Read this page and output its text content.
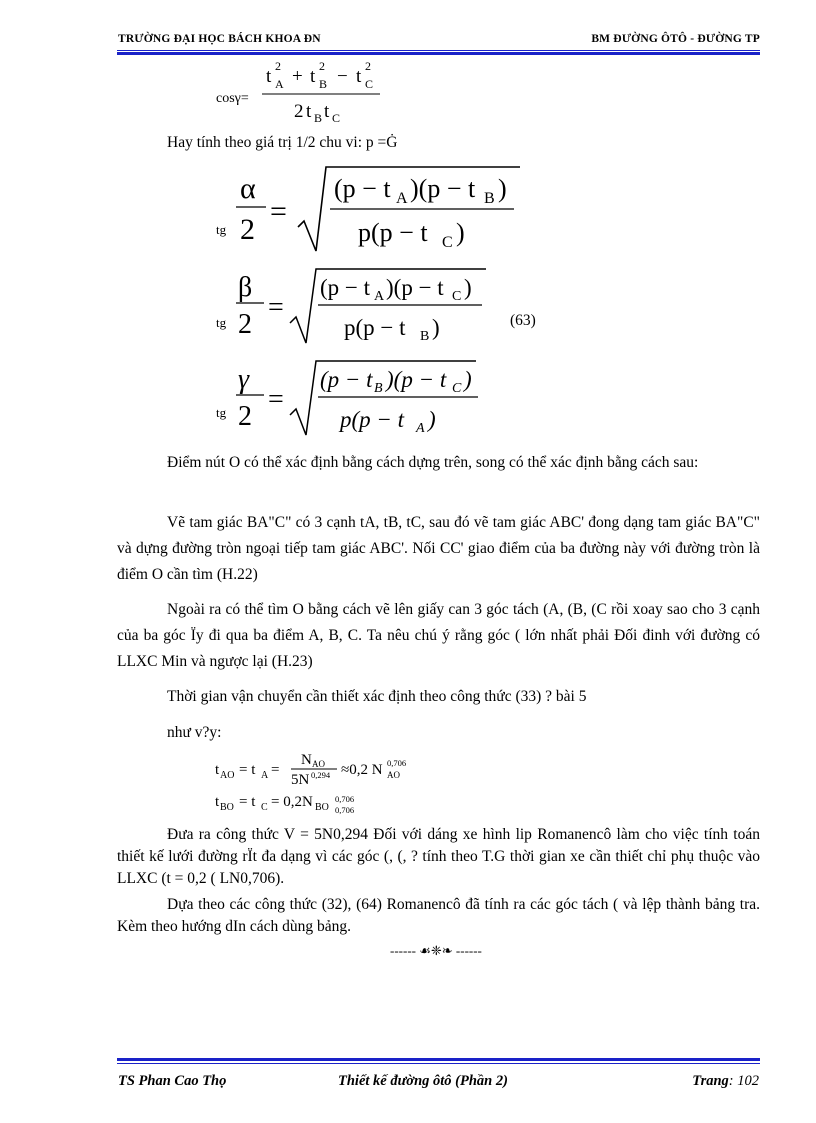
TRƯỜNG ĐẠI HỌC BÁCH KHOA ĐN	BM ĐƯỜNG ÔTÔ - ĐƯỜNG TP
cosγ=
t A
2 + t B
2 − t C
2
2 t B t C
Hay tính theo giá trị 1/2 chu vi: p =Ġ
tg
α
2
=
(p − t A )(p − t B )
p(p − t C )
tg
β
2
=
(p − t A )(p − t C )
p(p − t B )	(63)
tg
γ
2
=
(p − t B )(p − t C )
p(p − t A )
Điểm nút O có thể xác định bằng cách dựng trên, song có thể xác định bằng cách sau:
Vẽ tam giác BA"C" có 3 cạnh tA, tB, tC, sau đó vẽ tam giác ABC' đong dạng tam giác BA"C" và dựng đường tròn ngoại tiếp tam giác ABC'. Nối CC' giao điểm của ba đường này với đường tròn là điểm O cần tìm (H.22)
Ngoài ra có thể tìm O bằng cách vẽ lên giấy can 3 góc tách (A, (B, (C rồi xoay sao cho 3 cạnh của ba góc Ïy đi qua ba điểm A, B, C. Ta nêu chú ý rằng góc ( lớn nhất phải Đối đinh với đường có LLXC Min và ngược lại (H.23)
Thời gian vận chuyển cần thiết xác định theo công thức (33) ? bài 5
như v?y:
t AO = t A =
N AO
5N 0,294 ≈0,2 N 0,706
AO
t BO = t C = 0,2N BO
0,706
0,706
Đưa ra công thức V = 5N0,294 Đối với dáng xe hình lip Romanencô làm cho việc tính toán thiết kế lưới đường rÏt đa dạng vì các góc (, (, ? tính theo T.G thời gian xe cần thiết chỉ phụ thuộc vào LLXC (t = 0,2 ( LN0,706).
Dựa theo các công thức (32), (64) Romanencô đã tính ra các góc tách ( và lệp thành bảng tra. Kèm theo hướng dIn cách dùng bảng.
------ ☙❈❧ ------
TS Phan Cao Thọ	Thiết kế đường ôtô (Phần 2)	Trang: 102
